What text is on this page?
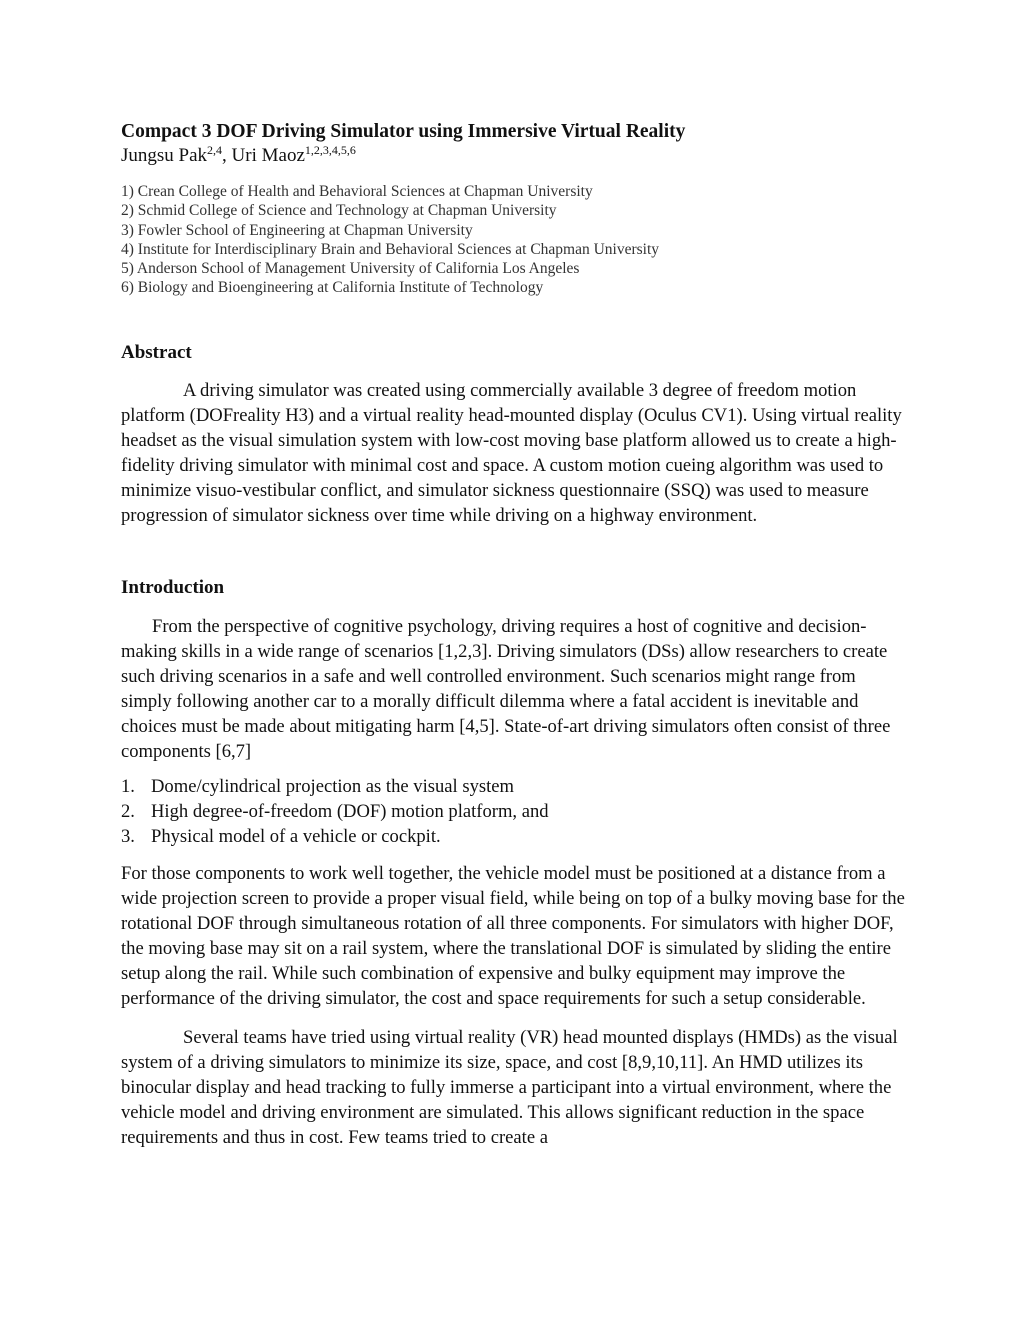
Compact 3 DOF Driving Simulator using Immersive Virtual Reality

Jungsu Pak$^{2,4}$, Uri Maoz$^{1,2,3,4,5,6}$

1) Crean College of Health and Behavioral Sciences at Chapman University

2) Schmid College of Science and Technology at Chapman University

3) Fowler School of Engineering at Chapman University

4) Institute for Interdisciplinary Brain and Behavioral Sciences at Chapman University

5) Anderson School of Management University of California Los Angeles

6) Biology and Bioengineering at California Institute of Technology

Abstract

A driving simulator was created using commercially available 3 degree of freedom motion platform (DOFreality H3) and a virtual reality head-mounted display (Oculus CV1). Using virtual reality headset as the visual simulation system with low-cost moving base platform allowed us to create a high-fidelity driving simulator with minimal cost and space. A custom motion cueing algorithm was used to minimize visuo-vestibular conflict, and simulator sickness questionnaire (SSQ) was used to measure progression of simulator sickness over time while driving on a highway environment.

Introduction

From the perspective of cognitive psychology, driving requires a host of cognitive and decision-making skills in a wide range of scenarios [1,2,3]. Driving simulators (DSs) allow researchers to create such driving scenarios in a safe and well controlled environment. Such scenarios might range from simply following another car to a morally difficult dilemma where a fatal accident is inevitable and choices must be made about mitigating harm [4,5]. State-of-art driving simulators often consist of three components [6,7]

1. Dome/cylindrical projection as the visual system
2. High degree-of-freedom (DOF) motion platform, and
3. Physical model of a vehicle or cockpit.

For those components to work well together, the vehicle model must be positioned at a distance from a wide projection screen to provide a proper visual field, while being on top of a bulky moving base for the rotational DOF through simultaneous rotation of all three components. For simulators with higher DOF, the moving base may sit on a rail system, where the translational DOF is simulated by sliding the entire setup along the rail. While such combination of expensive and bulky equipment may improve the performance of the driving simulator, the cost and space requirements for such a setup considerable.

Several teams have tried using virtual reality (VR) head mounted displays (HMDs) as the visual system of a driving simulators to minimize its size, space, and cost [8,9,10,11]. An HMD utilizes its binocular display and head tracking to fully immerse a participant into a virtual environment, where the vehicle model and driving environment are simulated. This allows significant reduction in the space requirements and thus in cost. Few teams tried to create a
